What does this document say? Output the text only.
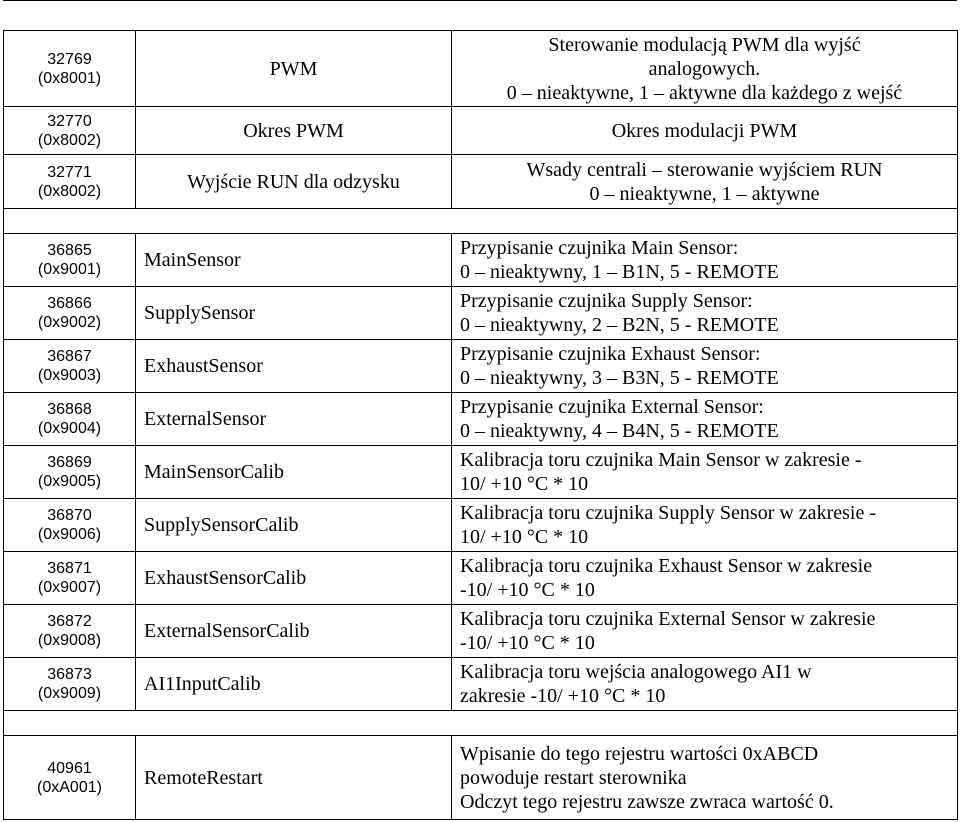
32769
(0x8001)	PWM	Sterowanie modulacją PWM dla wyjść
analogowych.
0 – nieaktywne, 1 – aktywne dla każdego z wejść

32770
(0x8002)	Okres PWM	Okres modulacji PWM

32771
(0x8002)	Wyjście RUN dla odzysku	Wsady centrali – sterowanie wyjściem RUN
0 – nieaktywne, 1 – aktywne

36865
(0x9001)	MainSensor	Przypisanie czujnika Main Sensor:
0 – nieaktywny, 1 – B1N, 5 - REMOTE

36866
(0x9002)	SupplySensor	Przypisanie czujnika Supply Sensor:
0 – nieaktywny, 2 – B2N, 5 - REMOTE

36867
(0x9003)	ExhaustSensor	Przypisanie czujnika Exhaust Sensor:
0 – nieaktywny, 3 – B3N, 5 - REMOTE

36868
(0x9004)	ExternalSensor	Przypisanie czujnika External Sensor:
0 – nieaktywny, 4 – B4N, 5 - REMOTE

36869
(0x9005)	MainSensorCalib	Kalibracja toru czujnika Main Sensor w zakresie -
10/ +10 °C * 10

36870
(0x9006)	SupplySensorCalib	Kalibracja toru czujnika Supply Sensor w zakresie -
10/ +10 °C * 10

36871
(0x9007)	ExhaustSensorCalib	Kalibracja toru czujnika Exhaust Sensor w zakresie
-10/ +10 °C * 10

36872
(0x9008)	ExternalSensorCalib	Kalibracja toru czujnika External Sensor w zakresie
-10/ +10 °C * 10

36873
(0x9009)	AI1InputCalib	Kalibracja toru wejścia analogowego AI1 w
zakresie -10/ +10 °C * 10

40961
(0xA001)	RemoteRestart	Wpisanie do tego rejestru wartości 0xABCD
powoduje restart sterownika
Odczyt tego rejestru zawsze zwraca wartość 0.
